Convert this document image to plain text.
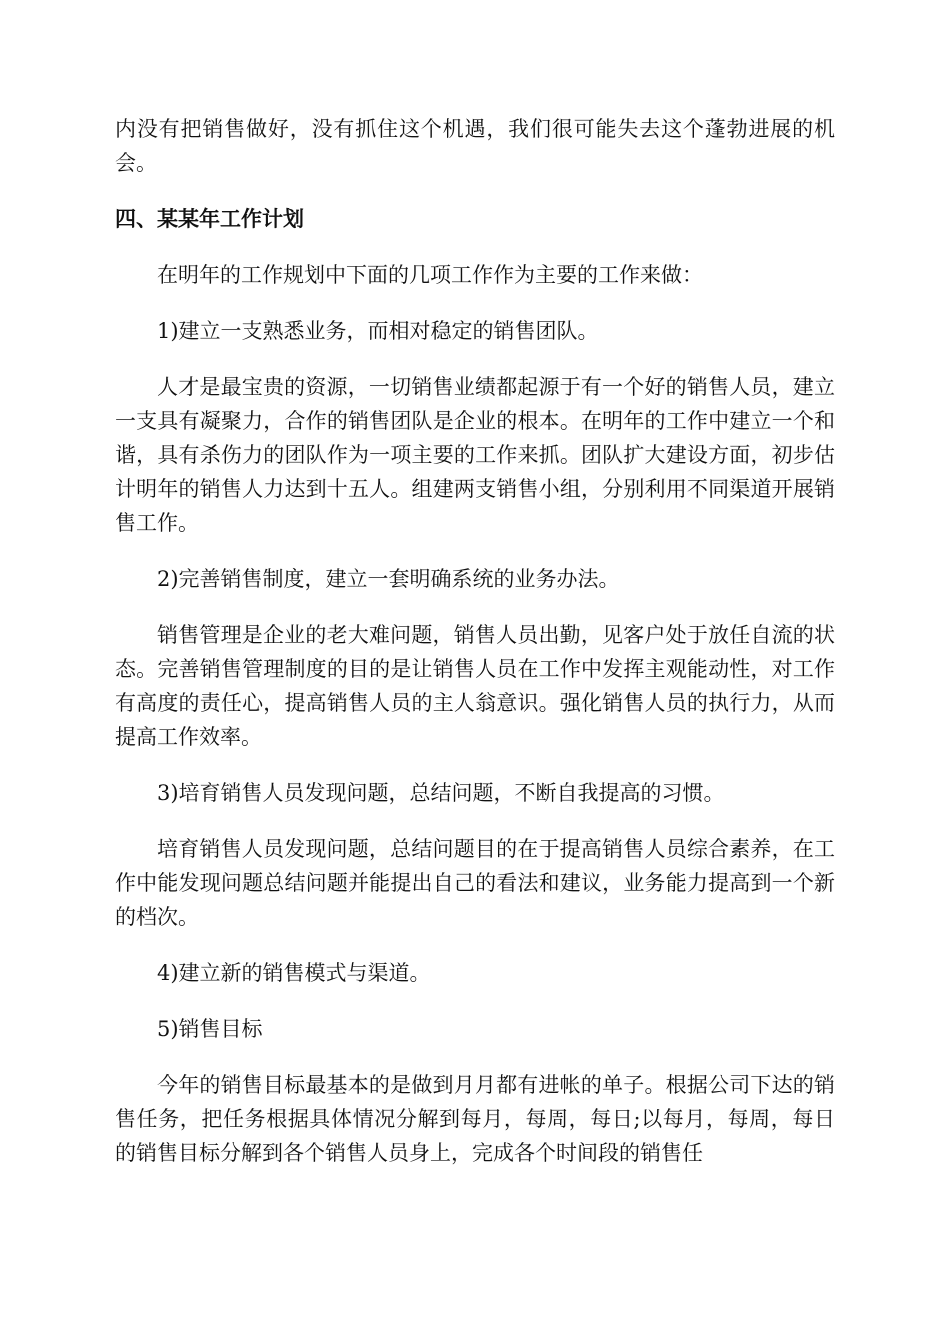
内没有把销售做好，没有抓住这个机遇，我们很可能失去这个蓬勃进展的机会。

四、某某年工作计划

在明年的工作规划中下面的几项工作作为主要的工作来做：

1)建立一支熟悉业务，而相对稳定的销售团队。

人才是最宝贵的资源，一切销售业绩都起源于有一个好的销售人员，建立一支具有凝聚力，合作的销售团队是企业的根本。在明年的工作中建立一个和谐，具有杀伤力的团队作为一项主要的工作来抓。团队扩大建设方面，初步估计明年的销售人力达到十五人。组建两支销售小组，分别利用不同渠道开展销售工作。

2)完善销售制度，建立一套明确系统的业务办法。

销售管理是企业的老大难问题，销售人员出勤，见客户处于放任自流的状态。完善销售管理制度的目的是让销售人员在工作中发挥主观能动性，对工作有高度的责任心，提高销售人员的主人翁意识。强化销售人员的执行力，从而提高工作效率。

3)培育销售人员发现问题，总结问题，不断自我提高的习惯。

培育销售人员发现问题，总结问题目的在于提高销售人员综合素养，在工作中能发现问题总结问题并能提出自己的看法和建议，业务能力提高到一个新的档次。

4)建立新的销售模式与渠道。

5)销售目标

今年的销售目标最基本的是做到月月都有进帐的单子。根据公司下达的销售任务，把任务根据具体情况分解到每月，每周，每日;以每月，每周，每日的销售目标分解到各个销售人员身上，完成各个时间段的销售任
